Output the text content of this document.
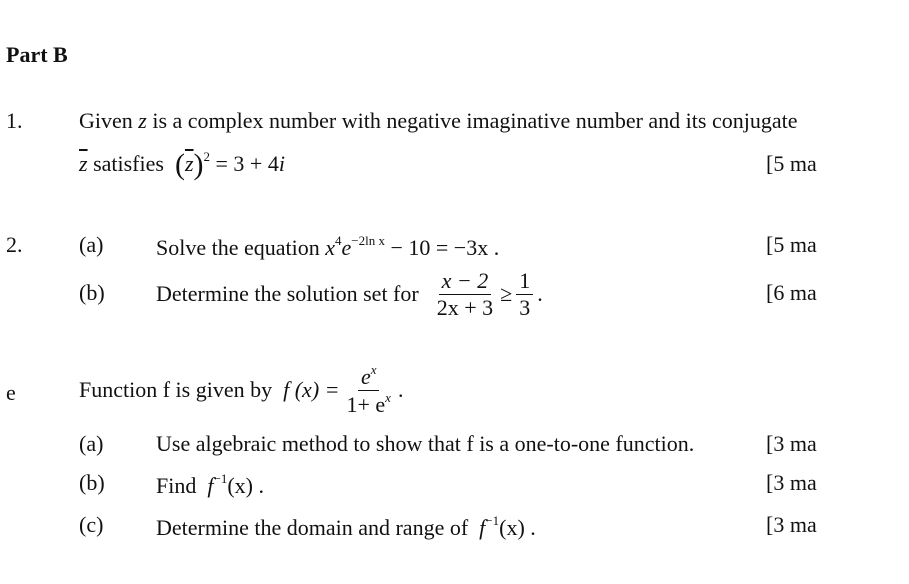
Part B
1.	Given z is a complex number with negative imaginative number and its conjugate
$\overline{z}$ satisfies $(\overline{z})^2 = 3 + 4i$	[5 ma
2.	(a) Solve the equation $x^4e^{-2ln x} - 10 = -3x$ .	[5 ma
(b) Determine the solution set for
$\frac{x - 2}{2x + 3} \ge \frac{1}{3}$ .	[6 ma
e	Function f is given by
f $(x) = \frac{e^x}{1+ e^x}$ .
(a) Use algebraic method to show that f is a one-to-one function.	[3 ma
(b) Find $f^{-1}(x)$ .	[3 ma
(c) Determine the domain and range of $f^{-1}(x)$ .	[3 ma
